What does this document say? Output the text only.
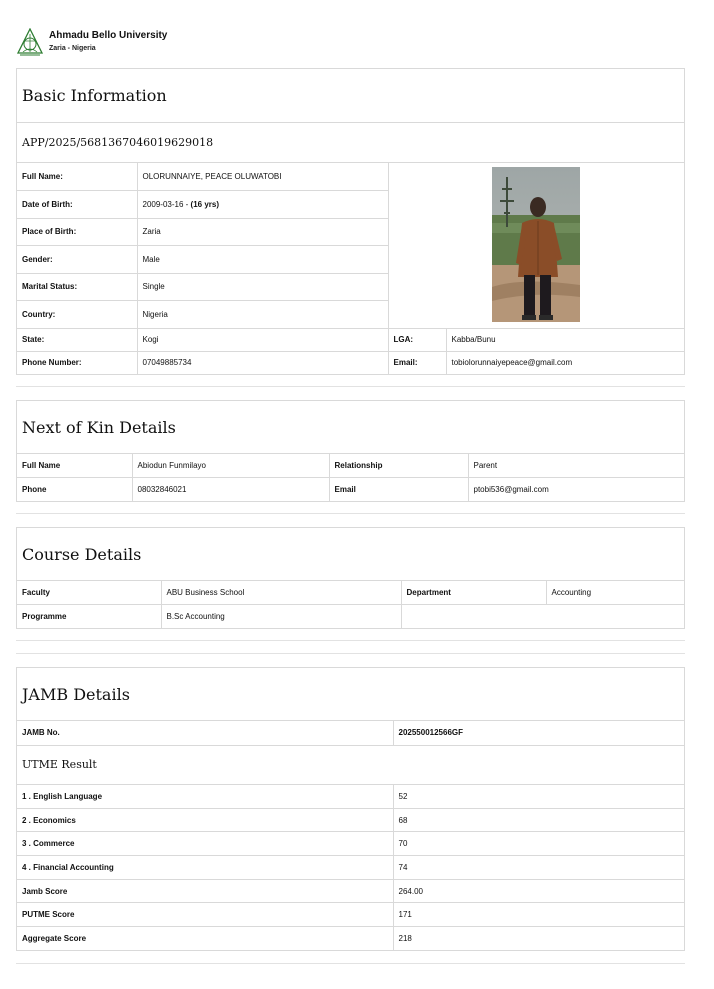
Ahmadu Bello University
Zaria - Nigeria
Basic Information
APP/2025/5681367046019629018
Full Name:	OLORUNNAIYE, PEACE OLUWATOBI	
Date of Birth:	2009-03-16 - (16 yrs)		
Place of Birth:	Zaria		
Gender:	Male		
Marital Status:	Single		
Country:	Nigeria		
State:	Kogi	LGA:	Kabba/Bunu
Phone Number:	07049885734	Email:	tobiolorunnaiyepeace@gmail.com
Next of Kin Details
Full Name	Abiodun Funmilayo	Relationship	Parent
Phone	08032846021	Email	ptobi536@gmail.com
Course Details
Faculty	ABU Business School	Department	Accounting
Programme	B.Sc Accounting		
JAMB Details
JAMB No.	202550012566GF
UTME Result
1 . English Language	52
2 . Economics	68
3 . Commerce	70
4 . Financial Accounting	74
Jamb Score	264.00
PUTME Score	171
Aggregate Score	218
